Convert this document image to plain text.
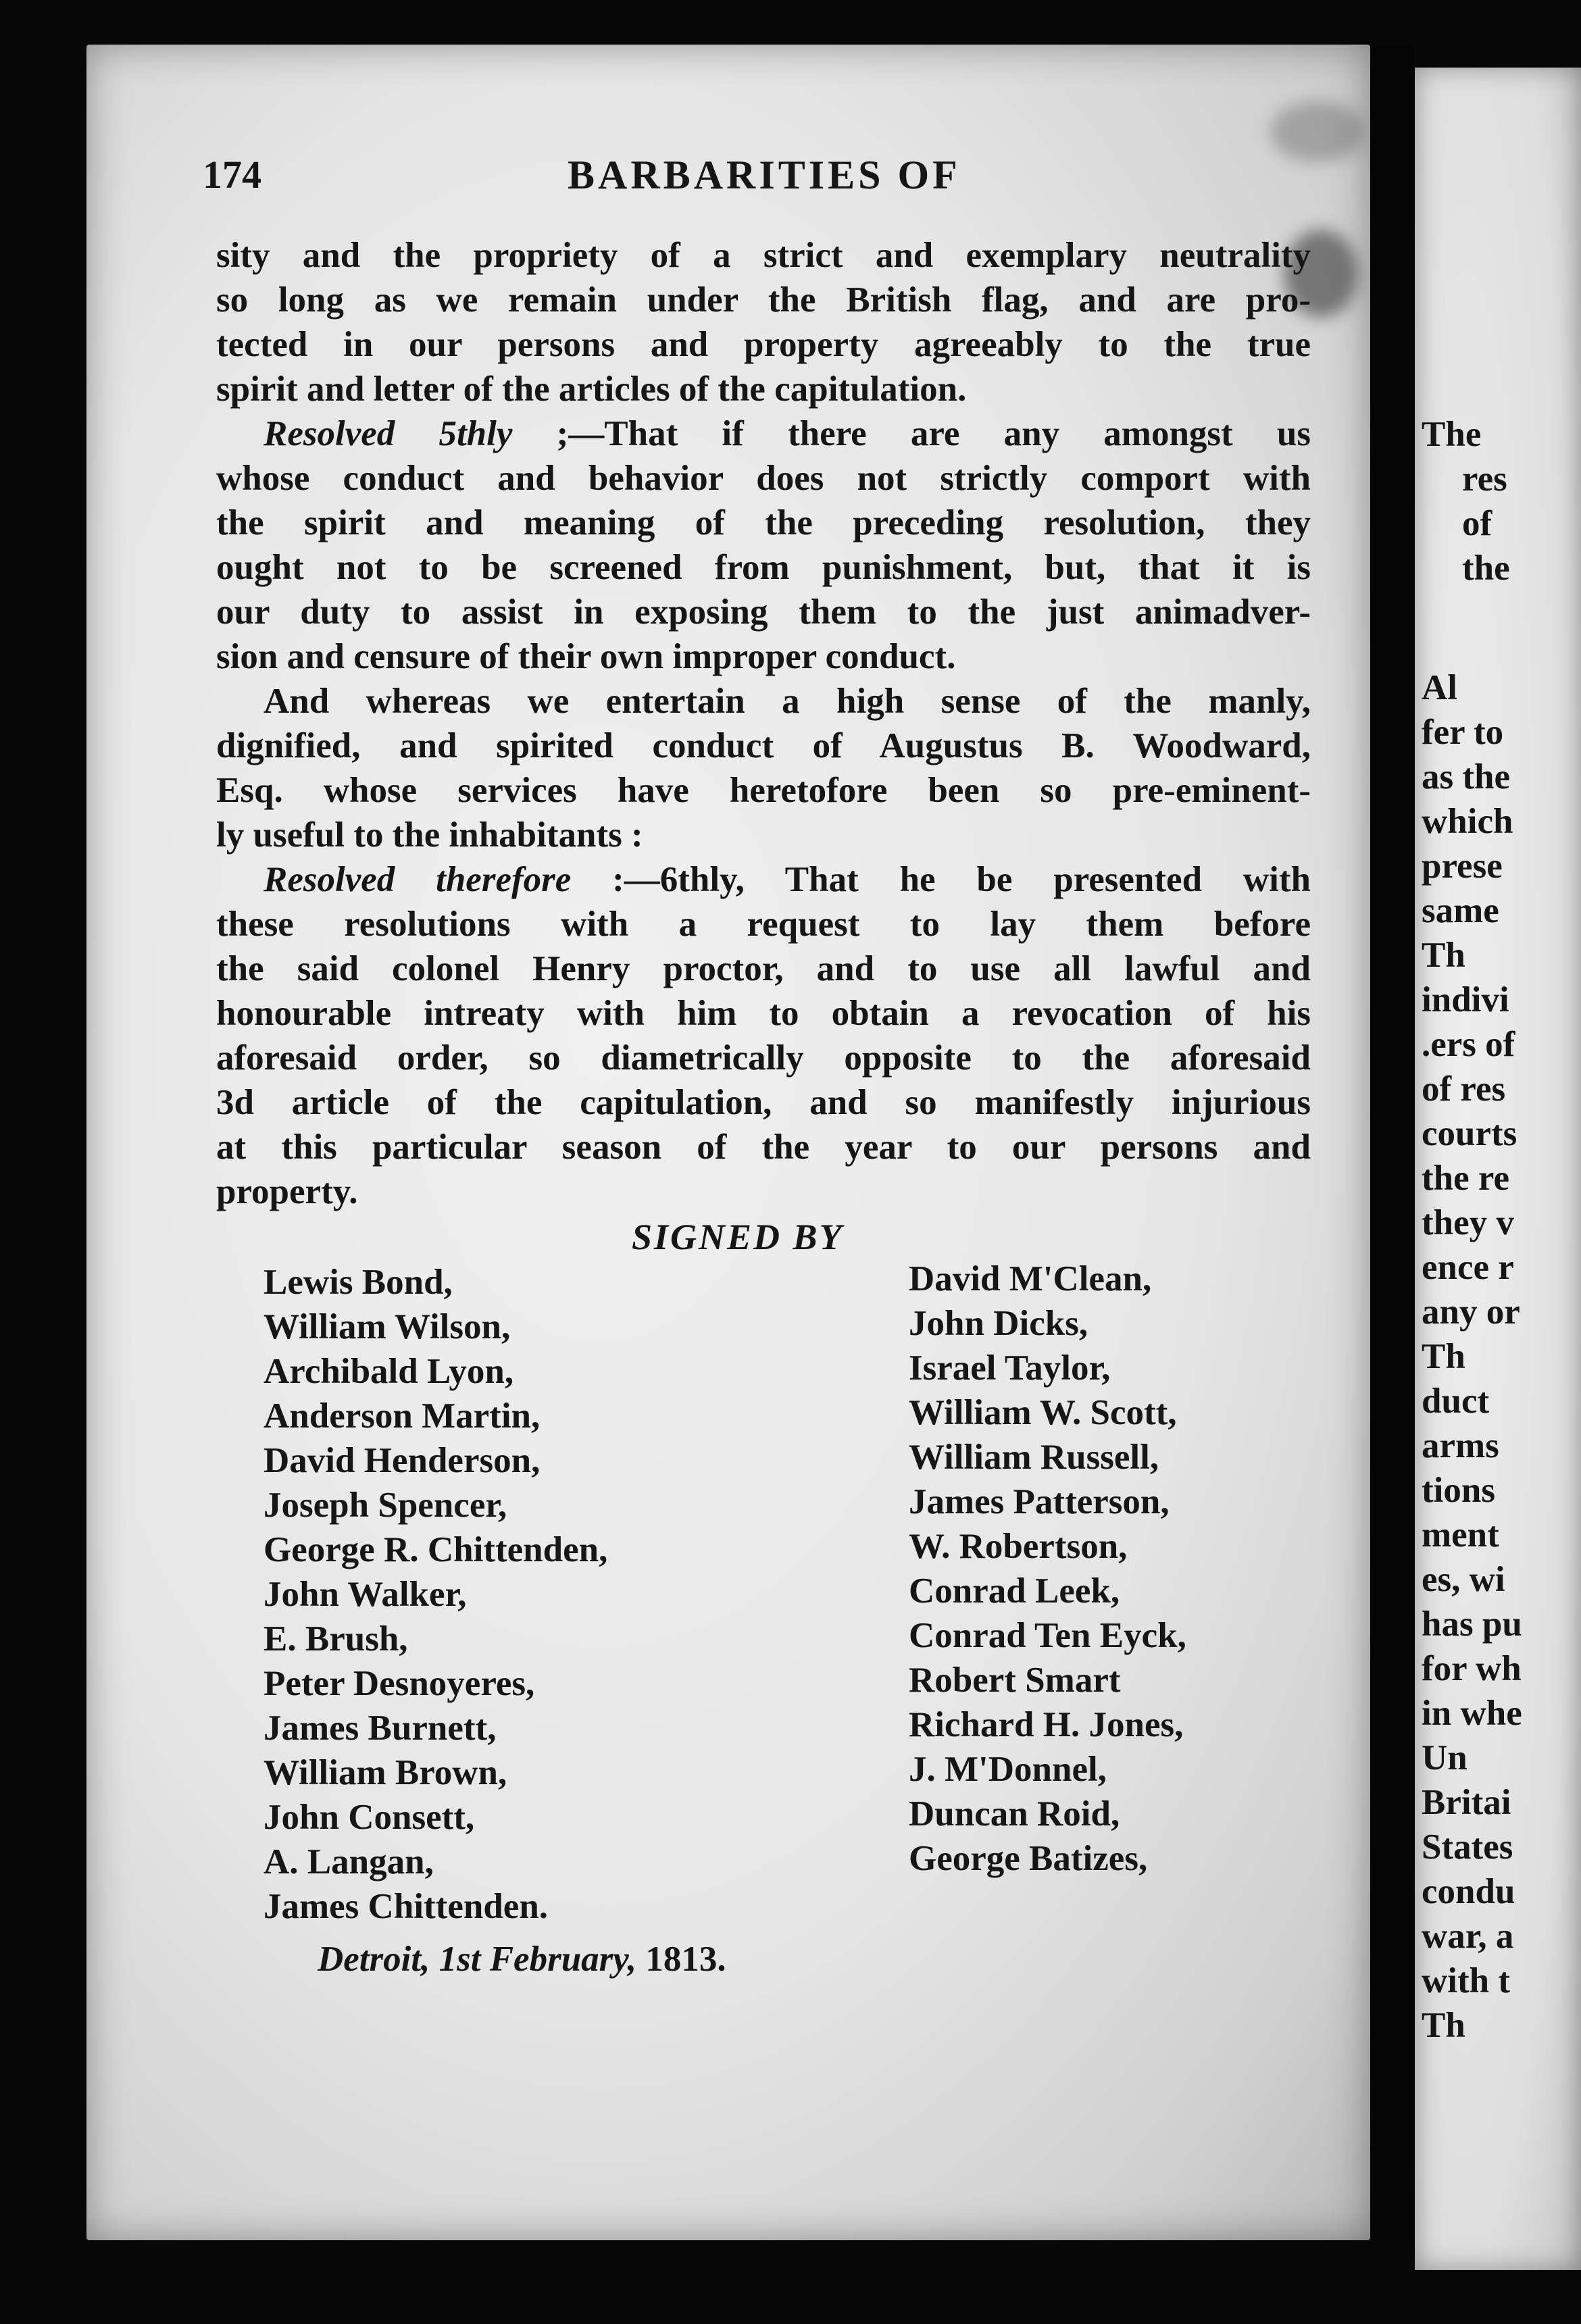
174	BARBARITIES OF

sity and the propriety of a strict and exemplary neutrality
so long as we remain under the British flag, and are pro-
tected in our persons and property agreeably to the true
spirit and letter of the articles of the capitulation.

Resolved 5thly ;—That if there are any amongst us
whose conduct and behavior does not strictly comport with
the spirit and meaning of the preceding resolution, they
ought not to be screened from punishment, but, that it is
our duty to assist in exposing them to the just animadver-
sion and censure of their own improper conduct.

And whereas we entertain a high sense of the manly,
dignified, and spirited conduct of Augustus B. Woodward,
Esq. whose services have heretofore been so pre-eminent-
ly useful to the inhabitants :

Resolved therefore :—6thly, That he be presented with
these resolutions with a request to lay them before
the said colonel Henry proctor, and to use all lawful and
honourable intreaty with him to obtain a revocation of his
aforesaid order, so diametrically opposite to the aforesaid
3d article of the capitulation, and so manifestly injurious
at this particular season of the year to our persons and
property.

SIGNED BY
Lewis Bond,
William Wilson,
Archibald Lyon,
Anderson Martin,
David Henderson,
Joseph Spencer,
George R. Chittenden,
John Walker,
E. Brush,
Peter Desnoyeres,
James Burnett,
William Brown,
John Consett,
A. Langan,
James Chittenden.
David M'Clean,
John Dicks,
Israel Taylor,
William W. Scott,
William Russell,
James Patterson,
W. Robertson,
Conrad Leek,
Conrad Ten Eyck,
Robert Smart
Richard H. Jones,
J. M'Donnel,
Duncan Roid,
George Batizes,
Detroit, 1st February, 1813.
The
res
of
the
Al
fer to
as the
which
prese
same
Th
indivi
.ers of
of res
courts
the re
they v
ence r
any or
Th
duct
arms
tions
ment
es, wi
has pu
for wh
in whe
Un
Britai
States
condu
war, a
with t
Th
